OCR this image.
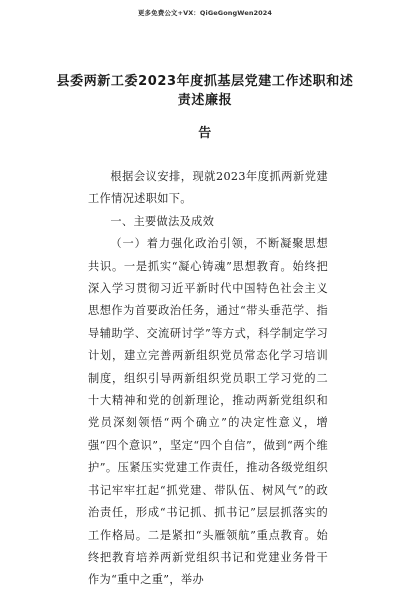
更多免费公文+VX：QiGeGongWen2024
县委两新工委2023年度抓基层党建工作述职和述责述廉报
告

根据会议安排，现就2023年度抓两新党建工作情况述职如下。

一、主要做法及成效

（一）着力强化政治引领，不断凝聚思想共识。一是抓实“凝心铸魂”思想教育。始终把深入学习贯彻习近平新时代中国特色社会主义思想作为首要政治任务，通过“带头垂范学、指导辅助学、交流研讨学”等方式，科学制定学习计划，建立完善两新组织党员常态化学习培训制度，组织引导两新组织党员职工学习党的二十大精神和党的创新理论，推动两新党组织和党员深刻领悟“两个确立”的决定性意义，增强“四个意识”，坚定“四个自信”，做到“两个维护”。压紧压实党建工作责任，推动各级党组织书记牢牢扛起“抓党建、带队伍、树风气”的政治责任，形成“书记抓、抓书记”层层抓落实的工作格局。二是紧扣“头雁领航”重点教育。始终把教育培养两新党组织书记和党建业务骨干作为“重中之重”，举办
